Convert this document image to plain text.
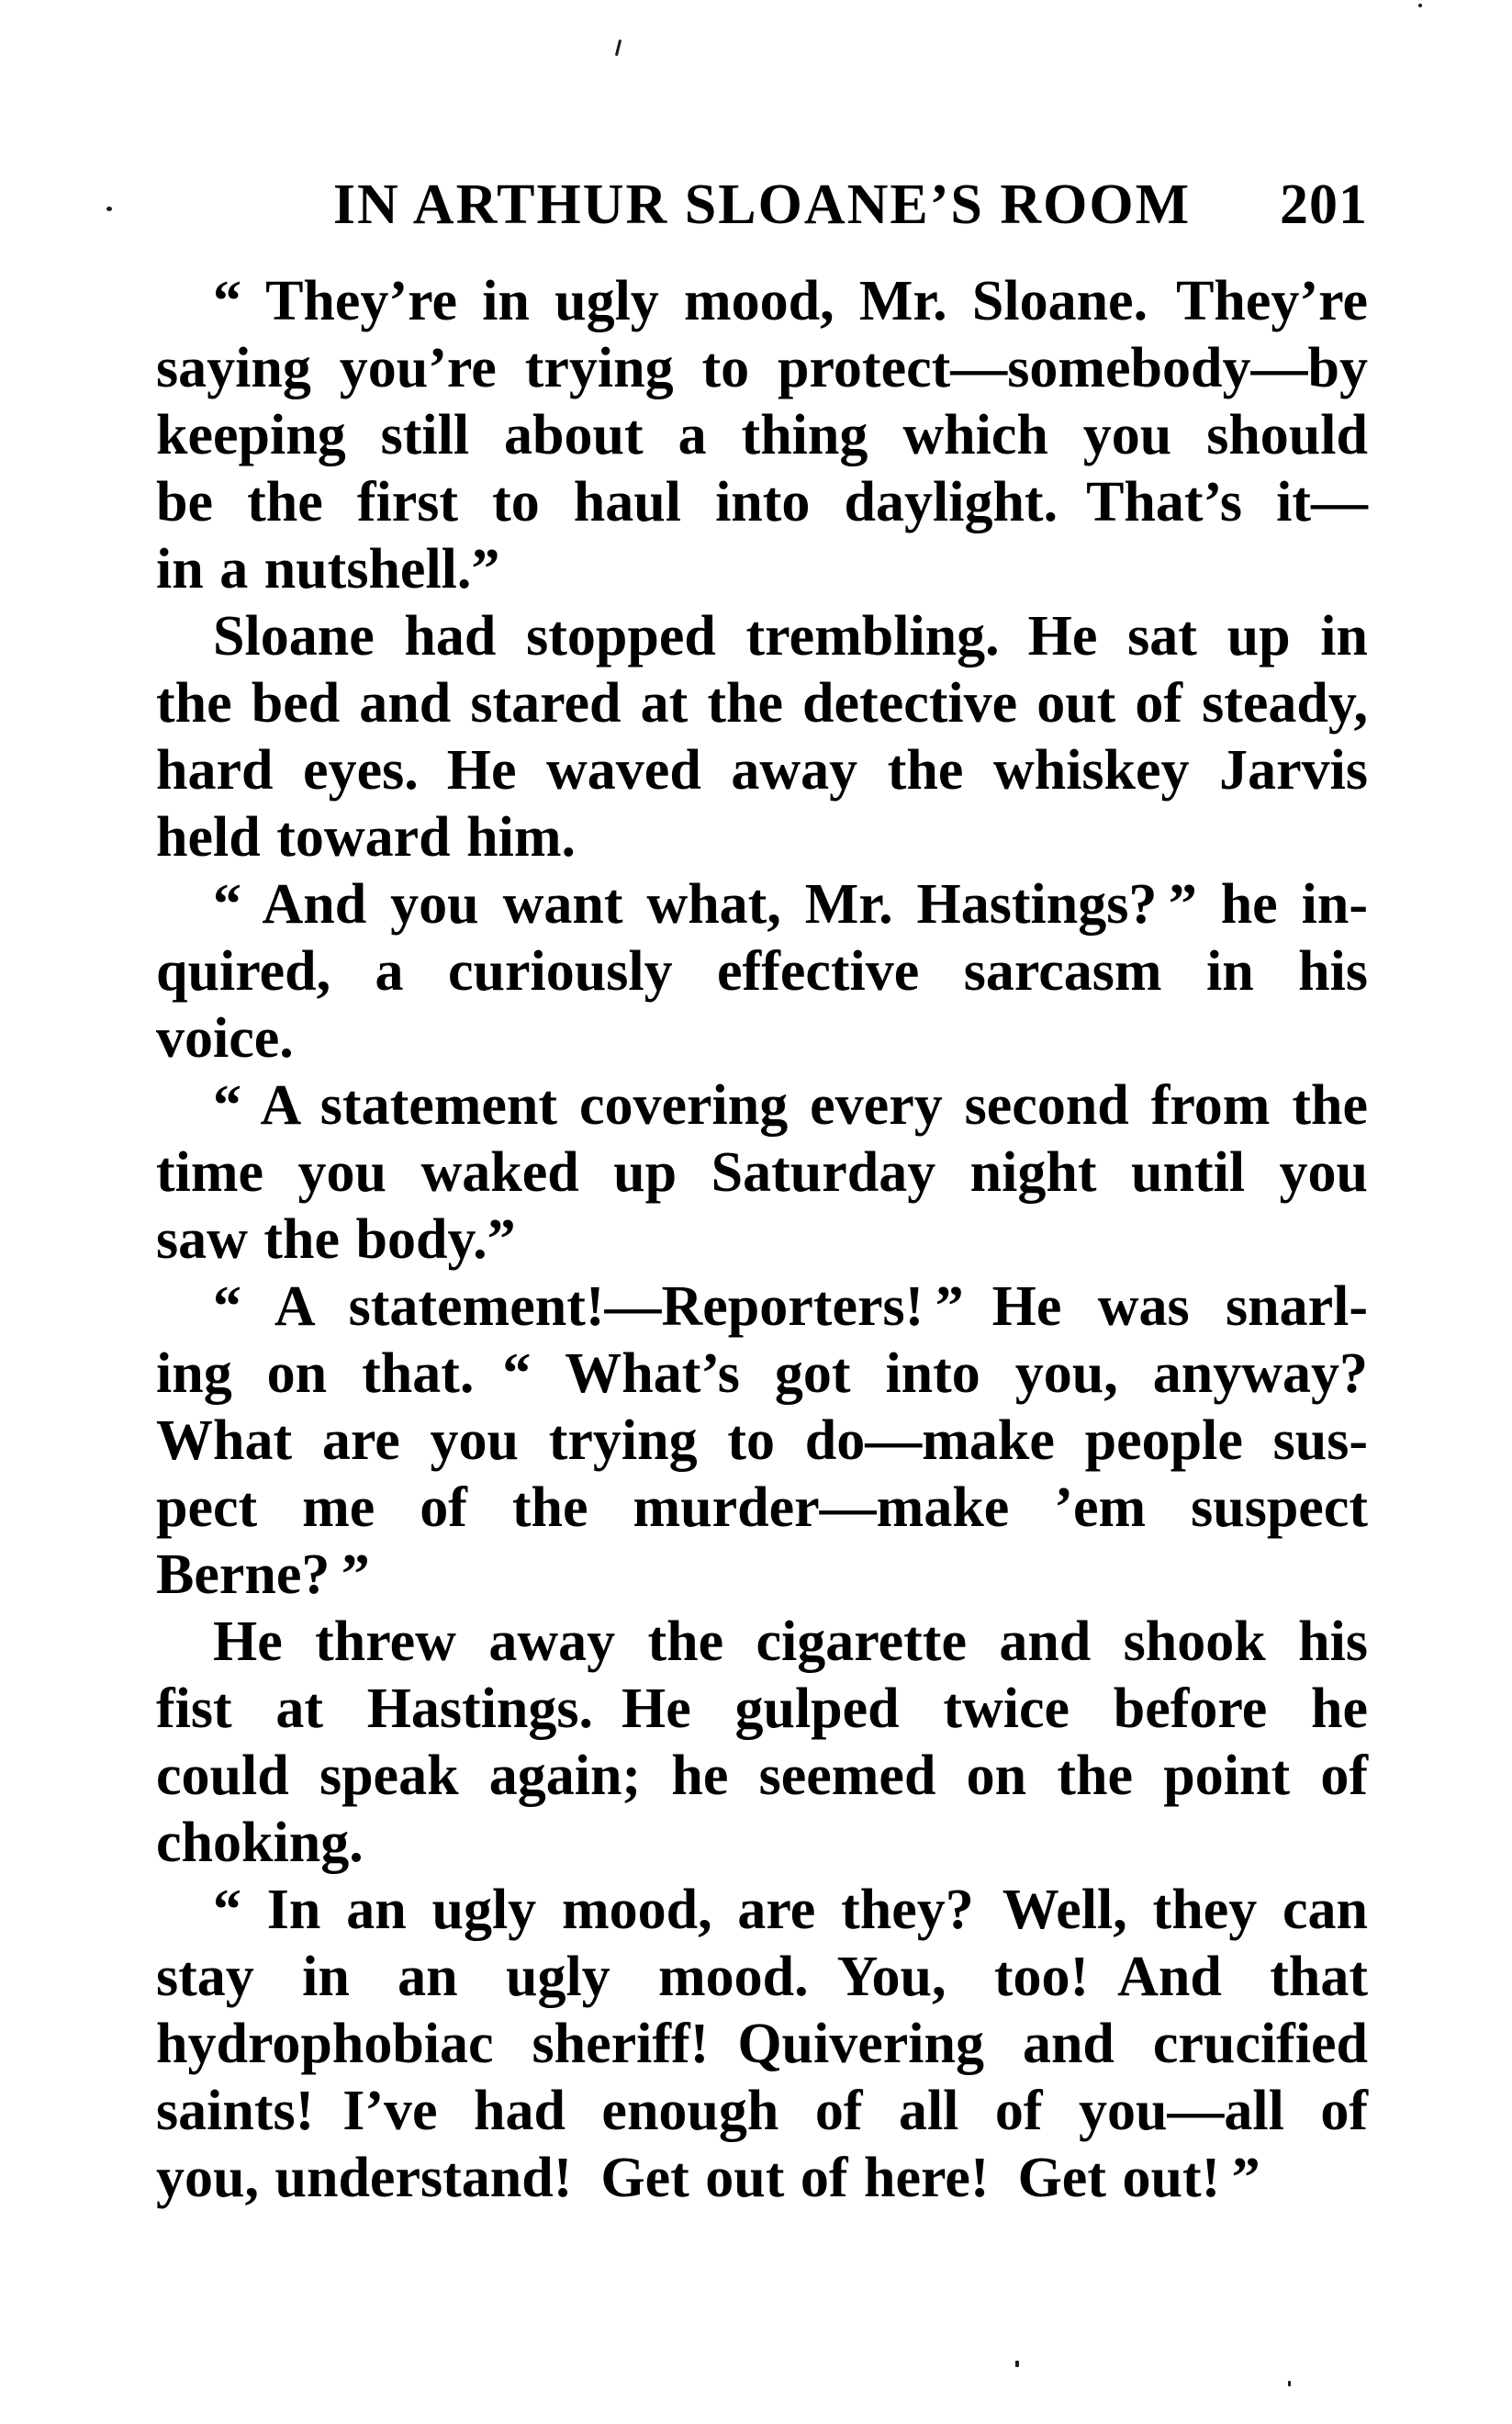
IN ARTHUR SLOANE’S ROOM	201
“ They’re in ugly mood, Mr. Sloane. They’re
saying you’re trying to protect—somebody—by
keeping still about a thing which you should
be the first to haul into daylight. That’s it—
in a nutshell.”
Sloane had stopped trembling. He sat up in
the bed and stared at the detective out of steady,
hard eyes. He waved away the whiskey Jarvis
held toward him.
“ And you want what, Mr. Hastings? ” he in-
quired, a curiously effective sarcasm in his
voice.
“ A statement covering every second from the
time you waked up Saturday night until you
saw the body.”
“ A statement!—Reporters! ” He was snarl-
ing on that. “ What’s got into you, anyway?
What are you trying to do—make people sus-
pect me of the murder—make ’em suspect
Berne? ”
He threw away the cigarette and shook his
fist at Hastings. He gulped twice before he
could speak again; he seemed on the point of
choking.
“ In an ugly mood, are they? Well, they can
stay in an ugly mood. You, too! And that
hydrophobiac sheriff! Quivering and crucified
saints! I’ve had enough of all of you—all of
you, understand! Get out of here! Get out! ”
